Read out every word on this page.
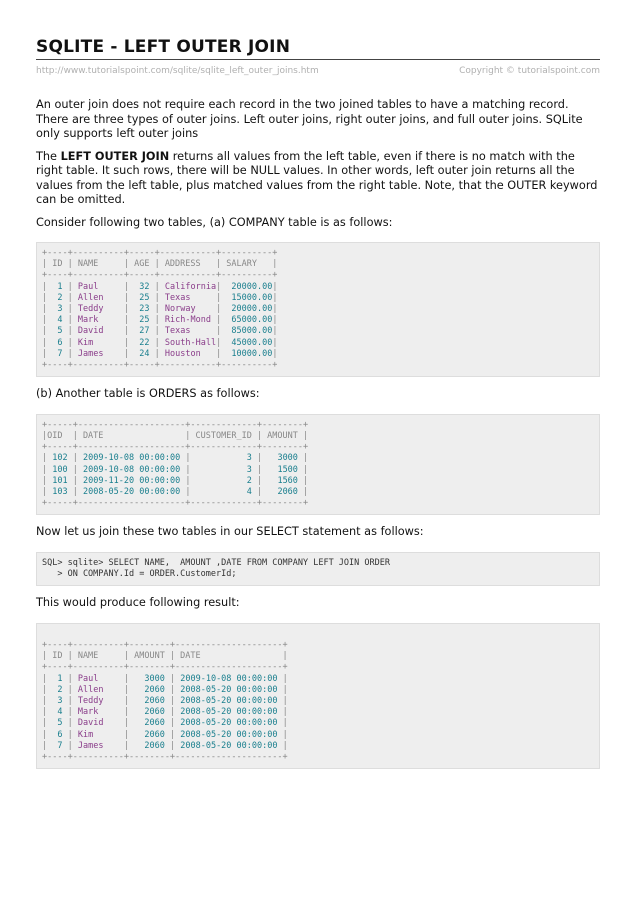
SQLITE - LEFT OUTER JOIN
http://www.tutorialspoint.com/sqlite/sqlite_left_outer_joins.htm	Copyright © tutorialspoint.com

An outer join does not require each record in the two joined tables to have a matching record. There are three types of outer joins. Left outer joins, right outer joins, and full outer joins. SQLite only supports left outer joins

The LEFT OUTER JOIN returns all values from the left table, even if there is no match with the right table. It such rows, there will be NULL values. In other words, left outer join returns all the values from the left table, plus matched values from the right table. Note, that the OUTER keyword can be omitted.

Consider following two tables, (a) COMPANY table is as follows:

+----+----------+-----+-----------+----------+
| ID | NAME     | AGE | ADDRESS   | SALARY   |
+----+----------+-----+-----------+----------+
|  1 | Paul     |  32 | California|  20000.00|
|  2 | Allen    |  25 | Texas     |  15000.00|
|  3 | Teddy    |  23 | Norway    |  20000.00|
|  4 | Mark     |  25 | Rich-Mond |  65000.00|
|  5 | David    |  27 | Texas     |  85000.00|
|  6 | Kim      |  22 | South-Hall|  45000.00|
|  7 | James    |  24 | Houston   |  10000.00|
+----+----------+-----+-----------+----------+

(b) Another table is ORDERS as follows:

+-----+---------------------+-------------+--------+
|OID  | DATE                | CUSTOMER_ID | AMOUNT |
+-----+---------------------+-------------+--------+
| 102 | 2009-10-08 00:00:00 |           3 |   3000 |
| 100 | 2009-10-08 00:00:00 |           3 |   1500 |
| 101 | 2009-11-20 00:00:00 |           2 |   1560 |
| 103 | 2008-05-20 00:00:00 |           4 |   2060 |
+-----+---------------------+-------------+--------+

Now let us join these two tables in our SELECT statement as follows:

SQL> sqlite> SELECT NAME,  AMOUNT ,DATE FROM COMPANY LEFT JOIN ORDER
> ON COMPANY.Id = ORDER.CustomerId;

This would produce following result:

+----+----------+--------+---------------------+
| ID | NAME     | AMOUNT | DATE                |
+----+----------+--------+---------------------+
|  1 | Paul     |   3000 | 2009-10-08 00:00:00 |
|  2 | Allen    |   2060 | 2008-05-20 00:00:00 |
|  3 | Teddy    |   2060 | 2008-05-20 00:00:00 |
|  4 | Mark     |   2060 | 2008-05-20 00:00:00 |
|  5 | David    |   2060 | 2008-05-20 00:00:00 |
|  6 | Kim      |   2060 | 2008-05-20 00:00:00 |
|  7 | James    |   2060 | 2008-05-20 00:00:00 |
+----+----------+--------+---------------------+
